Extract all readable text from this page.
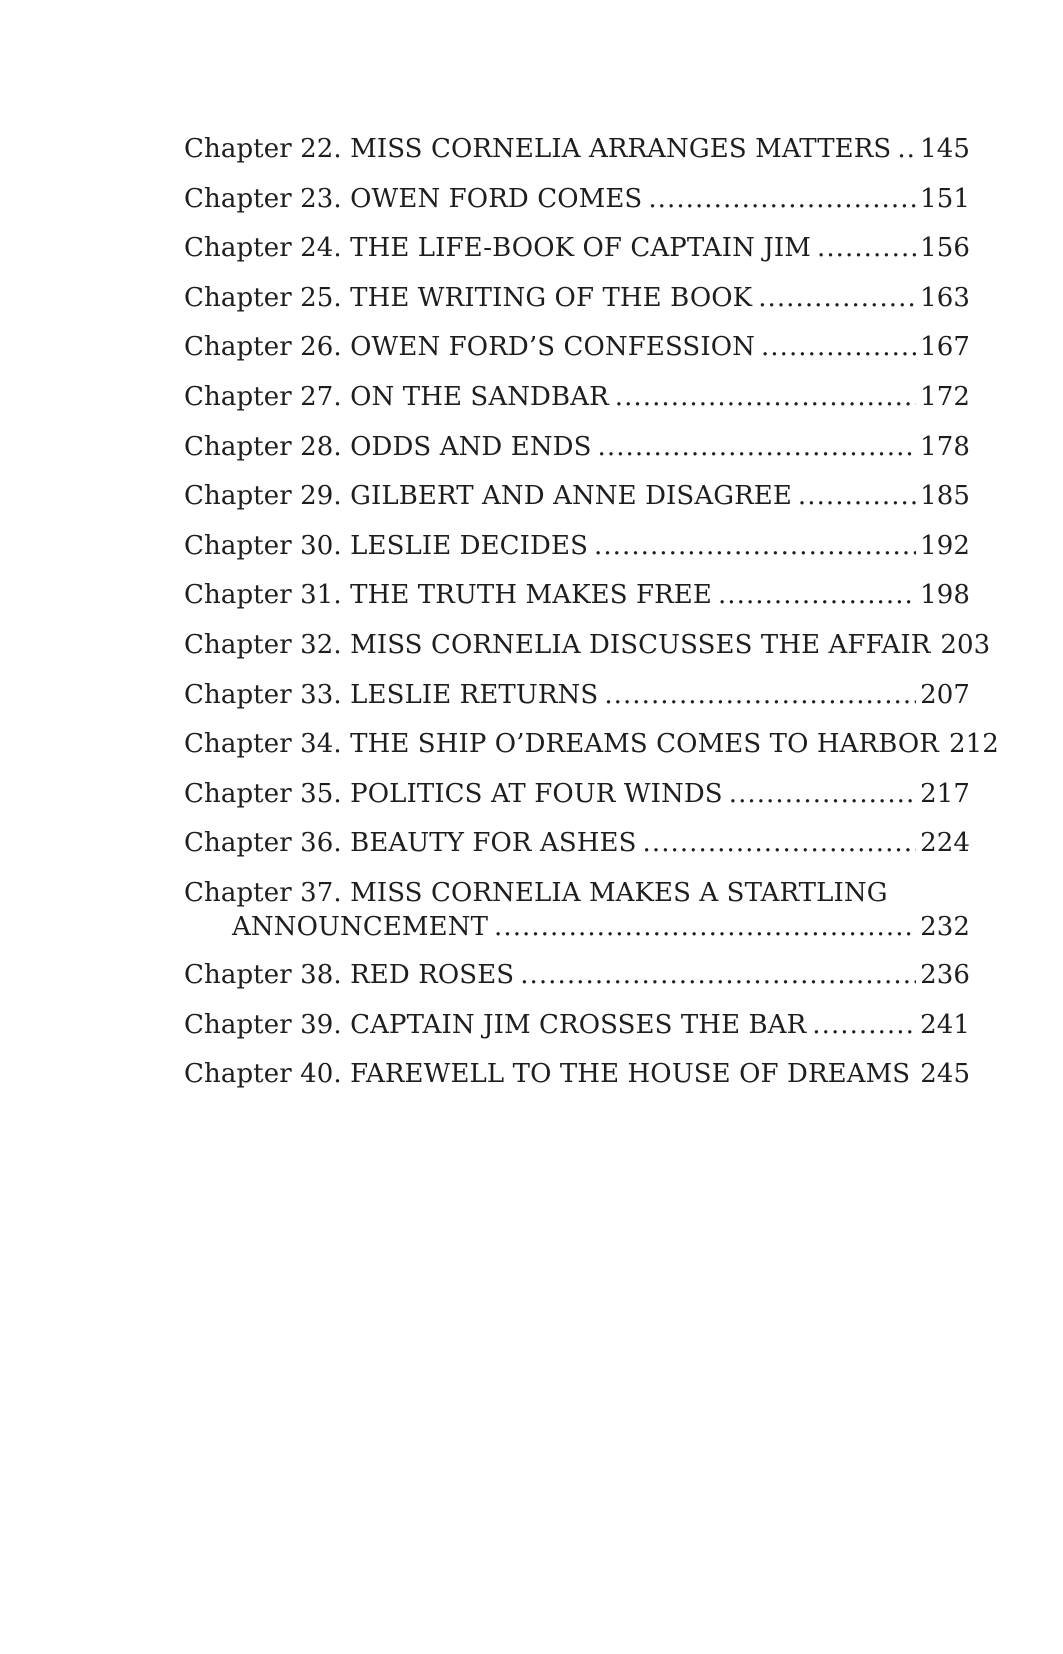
Chapter 22. MISS CORNELIA ARRANGES MATTERS . . . 145
Chapter 23. OWEN FORD COMES . . .	151
Chapter 24. THE LIFE-BOOK OF CAPTAIN JIM . . .	156
Chapter 25. THE WRITING OF THE BOOK . . .	163
Chapter 26. OWEN FORD’S CONFESSION . . .	167
Chapter 27. ON THE SANDBAR . . .	172
Chapter 28. ODDS AND ENDS . . .	178
Chapter 29. GILBERT AND ANNE DISAGREE . . .	185
Chapter 30. LESLIE DECIDES . . .	192
Chapter 31. THE TRUTH MAKES FREE . . .	198
Chapter 32. MISS CORNELIA DISCUSSES THE AFFAIR 203
Chapter 33. LESLIE RETURNS . . .	207
Chapter 34. THE SHIP O’DREAMS COMES TO HARBOR 212
Chapter 35. POLITICS AT FOUR WINDS . . .	217
Chapter 36. BEAUTY FOR ASHES . . .	224
Chapter 37. MISS CORNELIA MAKES A STARTLING
ANNOUNCEMENT . . .	232
Chapter 38. RED ROSES . . .	236
Chapter 39. CAPTAIN JIM CROSSES THE BAR . . .	241
Chapter 40. FAREWELL TO THE HOUSE OF DREAMS 245
